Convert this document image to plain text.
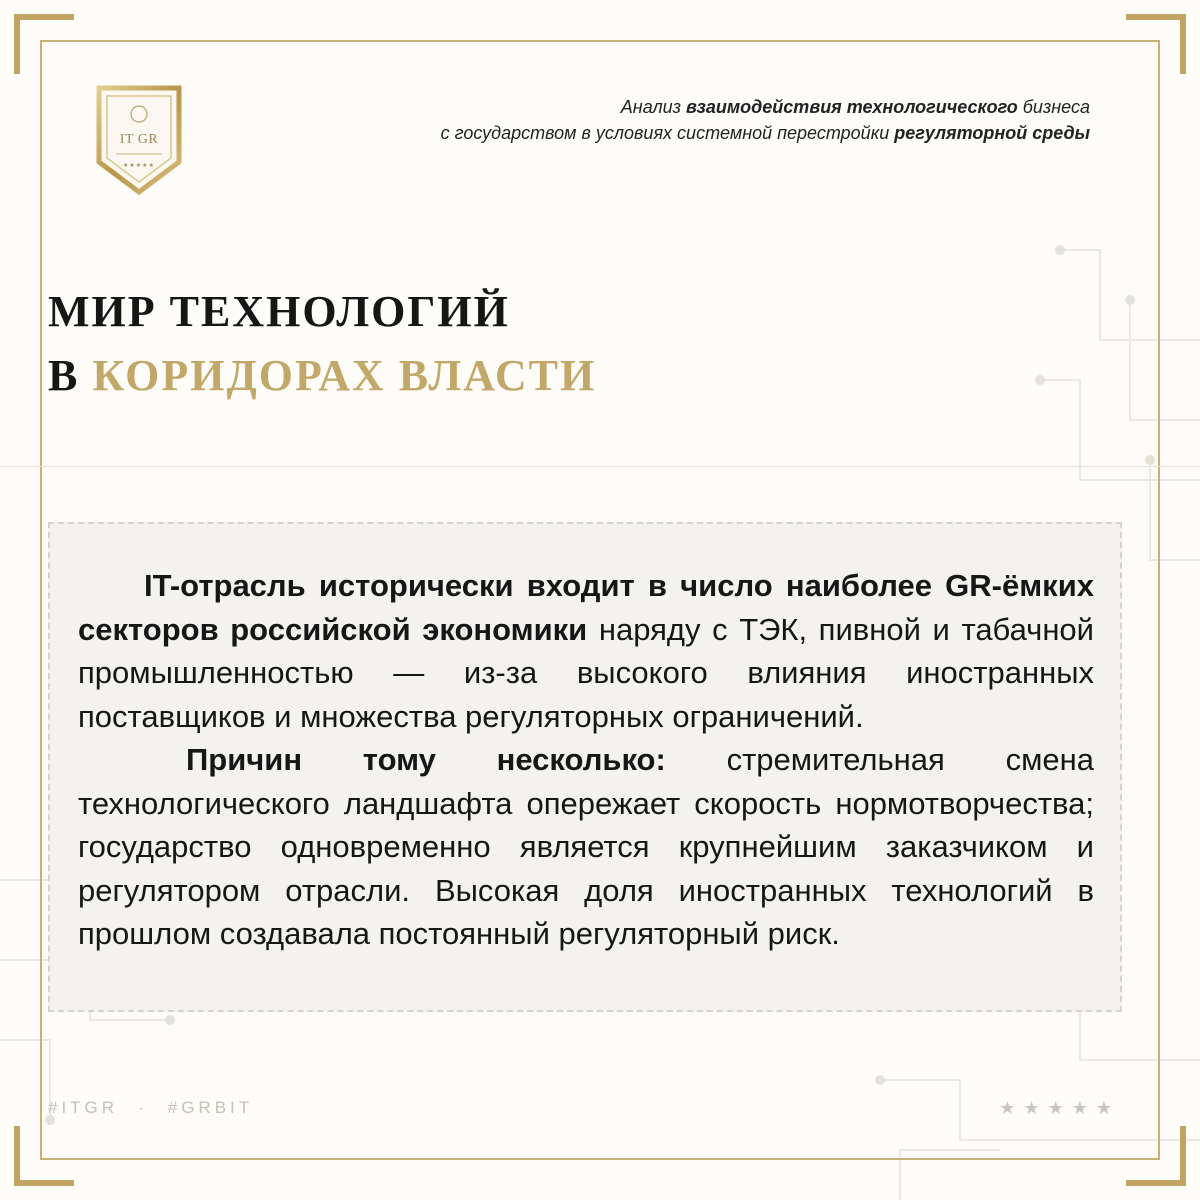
IT GR
★★★★★
Анализ взаимодействия технологического бизнеса
с государством в условиях системной перестройки регуляторной среды
МИР ТЕХНОЛОГИЙ
В КОРИДОРАХ ВЛАСТИ

IT-отрасль исторически входит в число наиболее GR-ёмких секторов российской экономики наряду с ТЭК, пивной и табачной промышленностью — из-за высокого влияния иностранных поставщиков и множества регуляторных ограничений.

Причин тому несколько: стремительная смена технологического ландшафта опережает скорость нормотворчества; государство одновременно является крупнейшим заказчиком и регулятором отрасли. Высокая доля иностранных технологий в прошлом создавала постоянный регуляторный риск.

#ITGR · #GRBIT	★★★★★
